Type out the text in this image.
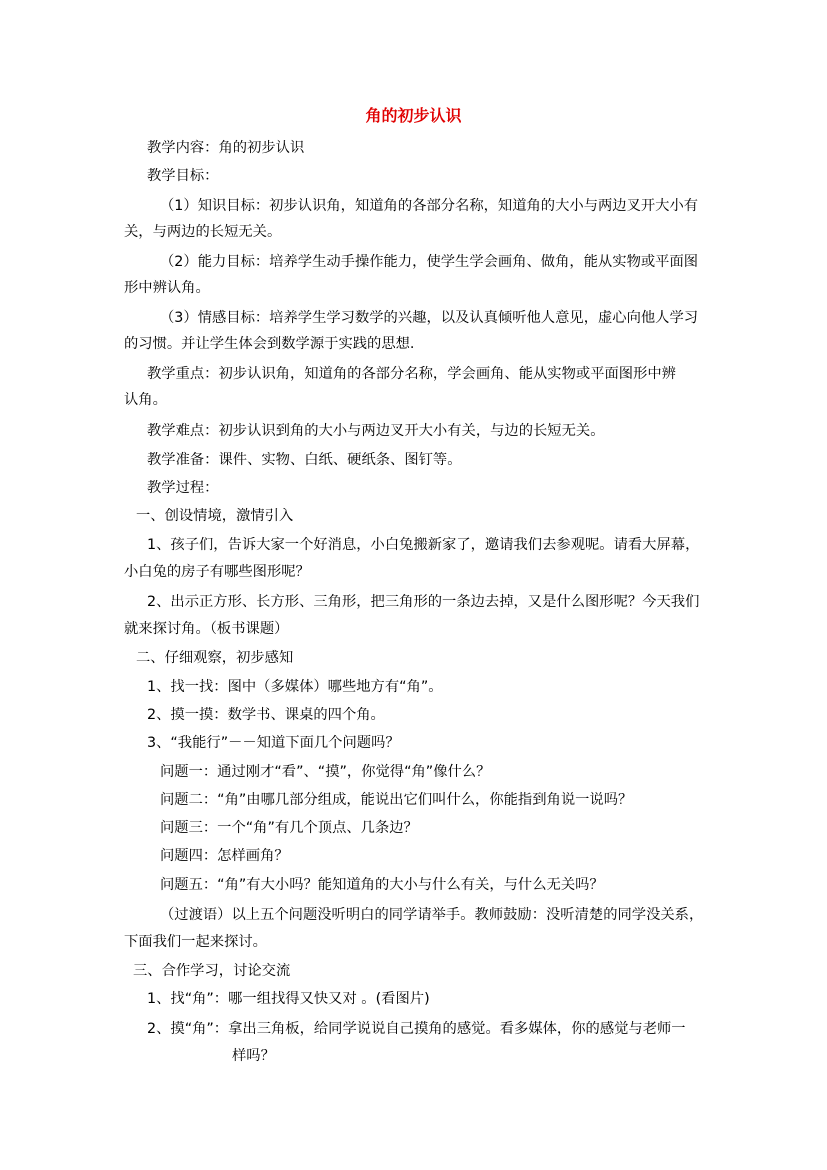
角的初步认识
教学内容：角的初步认识
教学目标：
（1）知识目标：初步认识角，知道角的各部分名称，知道角的大小与两边叉开大小有
关，与两边的长短无关。
（2）能力目标：培养学生动手操作能力，使学生学会画角、做角，能从实物或平面图
形中辨认角。
（3）情感目标：培养学生学习数学的兴趣，以及认真倾听他人意见，虚心向他人学习
的习惯。并让学生体会到数学源于实践的思想.
教学重点：初步认识角，知道角的各部分名称，学会画角、能从实物或平面图形中辨
认角。
教学难点：初步认识到角的大小与两边叉开大小有关，与边的长短无关。
教学准备：课件、实物、白纸、硬纸条、图钉等。
教学过程：
一、创设情境，激情引入
1、孩子们，告诉大家一个好消息，小白兔搬新家了，邀请我们去参观呢。请看大屏幕，
小白兔的房子有哪些图形呢？
2、出示正方形、长方形、三角形，把三角形的一条边去掉，又是什么图形呢？今天我们
就来探讨角。（板书课题）
二、仔细观察，初步感知
1、找一找：图中（多媒体）哪些地方有“角”。
2、摸一摸：数学书、课桌的四个角。
3、“我能行”－－知道下面几个问题吗？
问题一：通过刚才“看”、“摸”，你觉得“角”像什么？
问题二：“角”由哪几部分组成，能说出它们叫什么，你能指到角说一说吗？
问题三：一个“角”有几个顶点、几条边？
问题四：怎样画角？
问题五：“角”有大小吗？能知道角的大小与什么有关，与什么无关吗？
（过渡语）以上五个问题没听明白的同学请举手。教师鼓励：没听清楚的同学没关系，
下面我们一起来探讨。
三、合作学习，讨论交流
1、找“角”：哪一组找得又快又对 。(看图片)
2、摸“角”：拿出三角板，给同学说说自己摸角的感觉。看多媒体，你的感觉与老师一
样吗？
